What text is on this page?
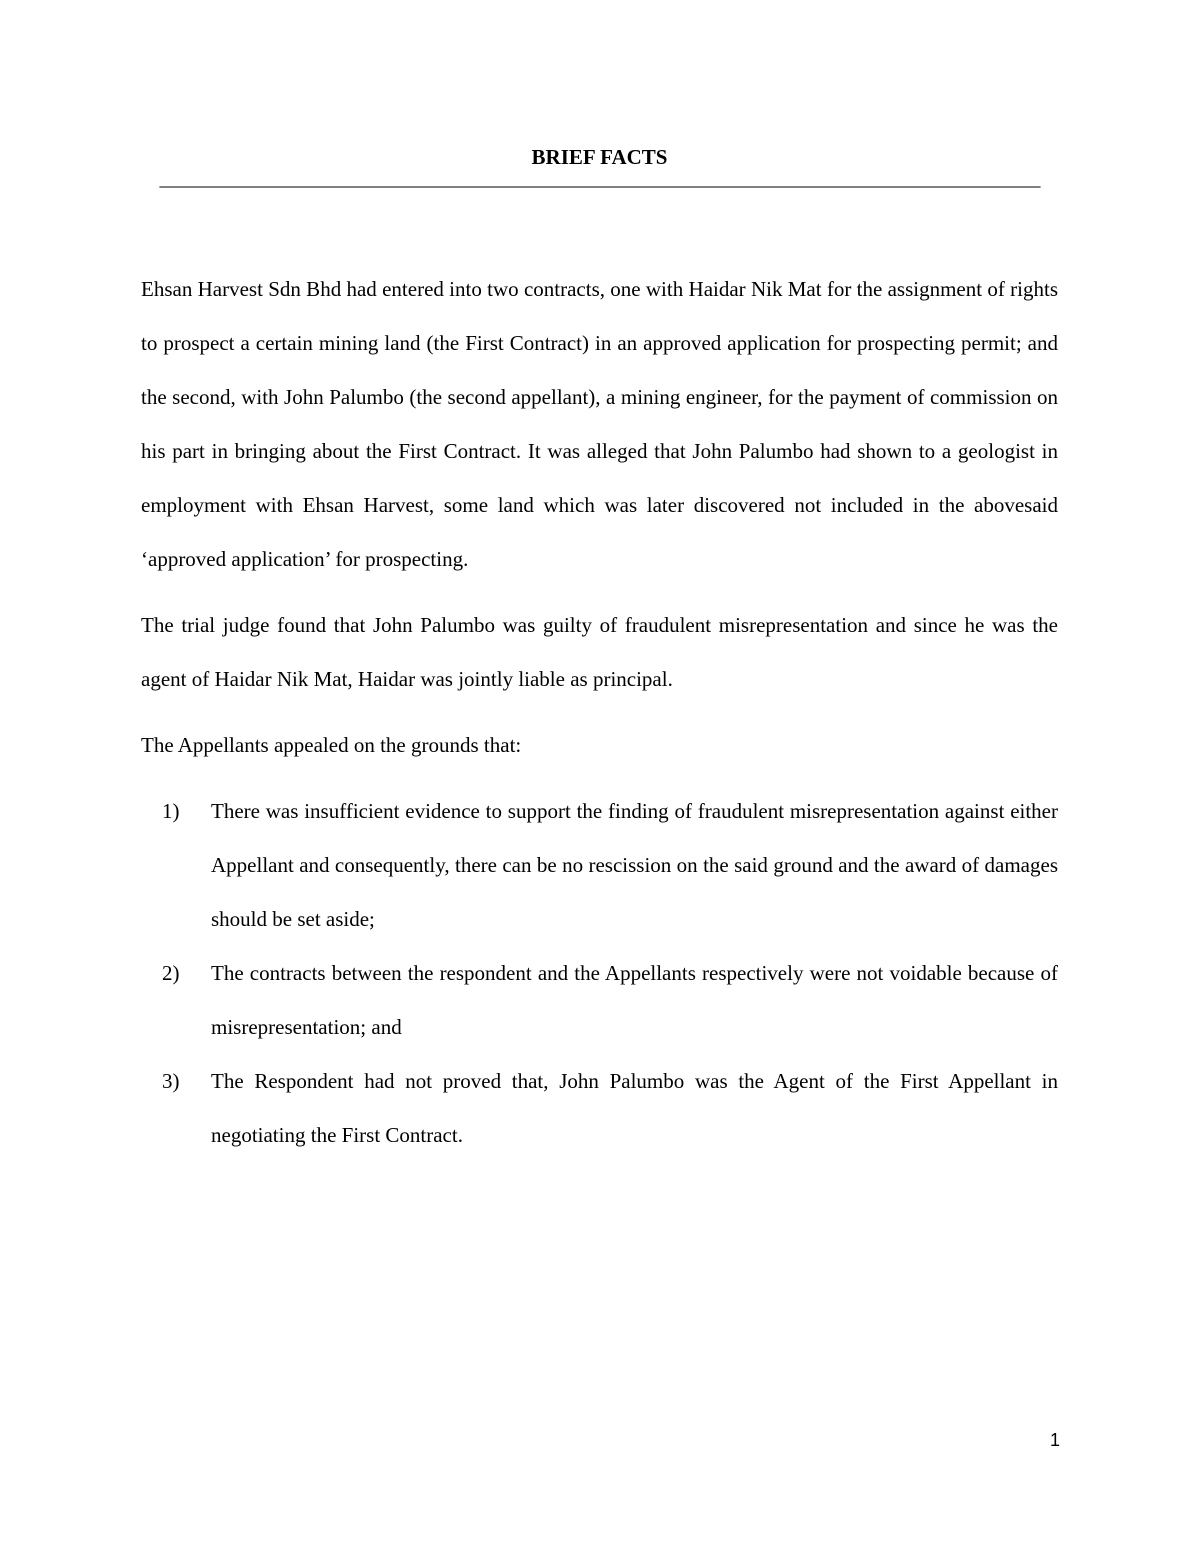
BRIEF FACTS
————————————————————————————————————————————

Ehsan Harvest Sdn Bhd had entered into two contracts, one with Haidar Nik Mat for the assignment of rights to prospect a certain mining land (the First Contract) in an approved application for prospecting permit; and the second, with John Palumbo (the second appellant), a mining engineer, for the payment of commission on his part in bringing about the First Contract. It was alleged that John Palumbo had shown to a geologist in employment with Ehsan Harvest, some land which was later discovered not included in the abovesaid ‘approved application’ for prospecting.

The trial judge found that John Palumbo was guilty of fraudulent misrepresentation and since he was the agent of Haidar Nik Mat, Haidar was jointly liable as principal.

The Appellants appealed on the grounds that:

1) There was insufficient evidence to support the finding of fraudulent misrepresentation against either Appellant and consequently, there can be no rescission on the said ground and the award of damages should be set aside;

2) The contracts between the respondent and the Appellants respectively were not voidable because of misrepresentation; and

3) The Respondent had not proved that, John Palumbo was the Agent of the First Appellant in negotiating the First Contract.

1
